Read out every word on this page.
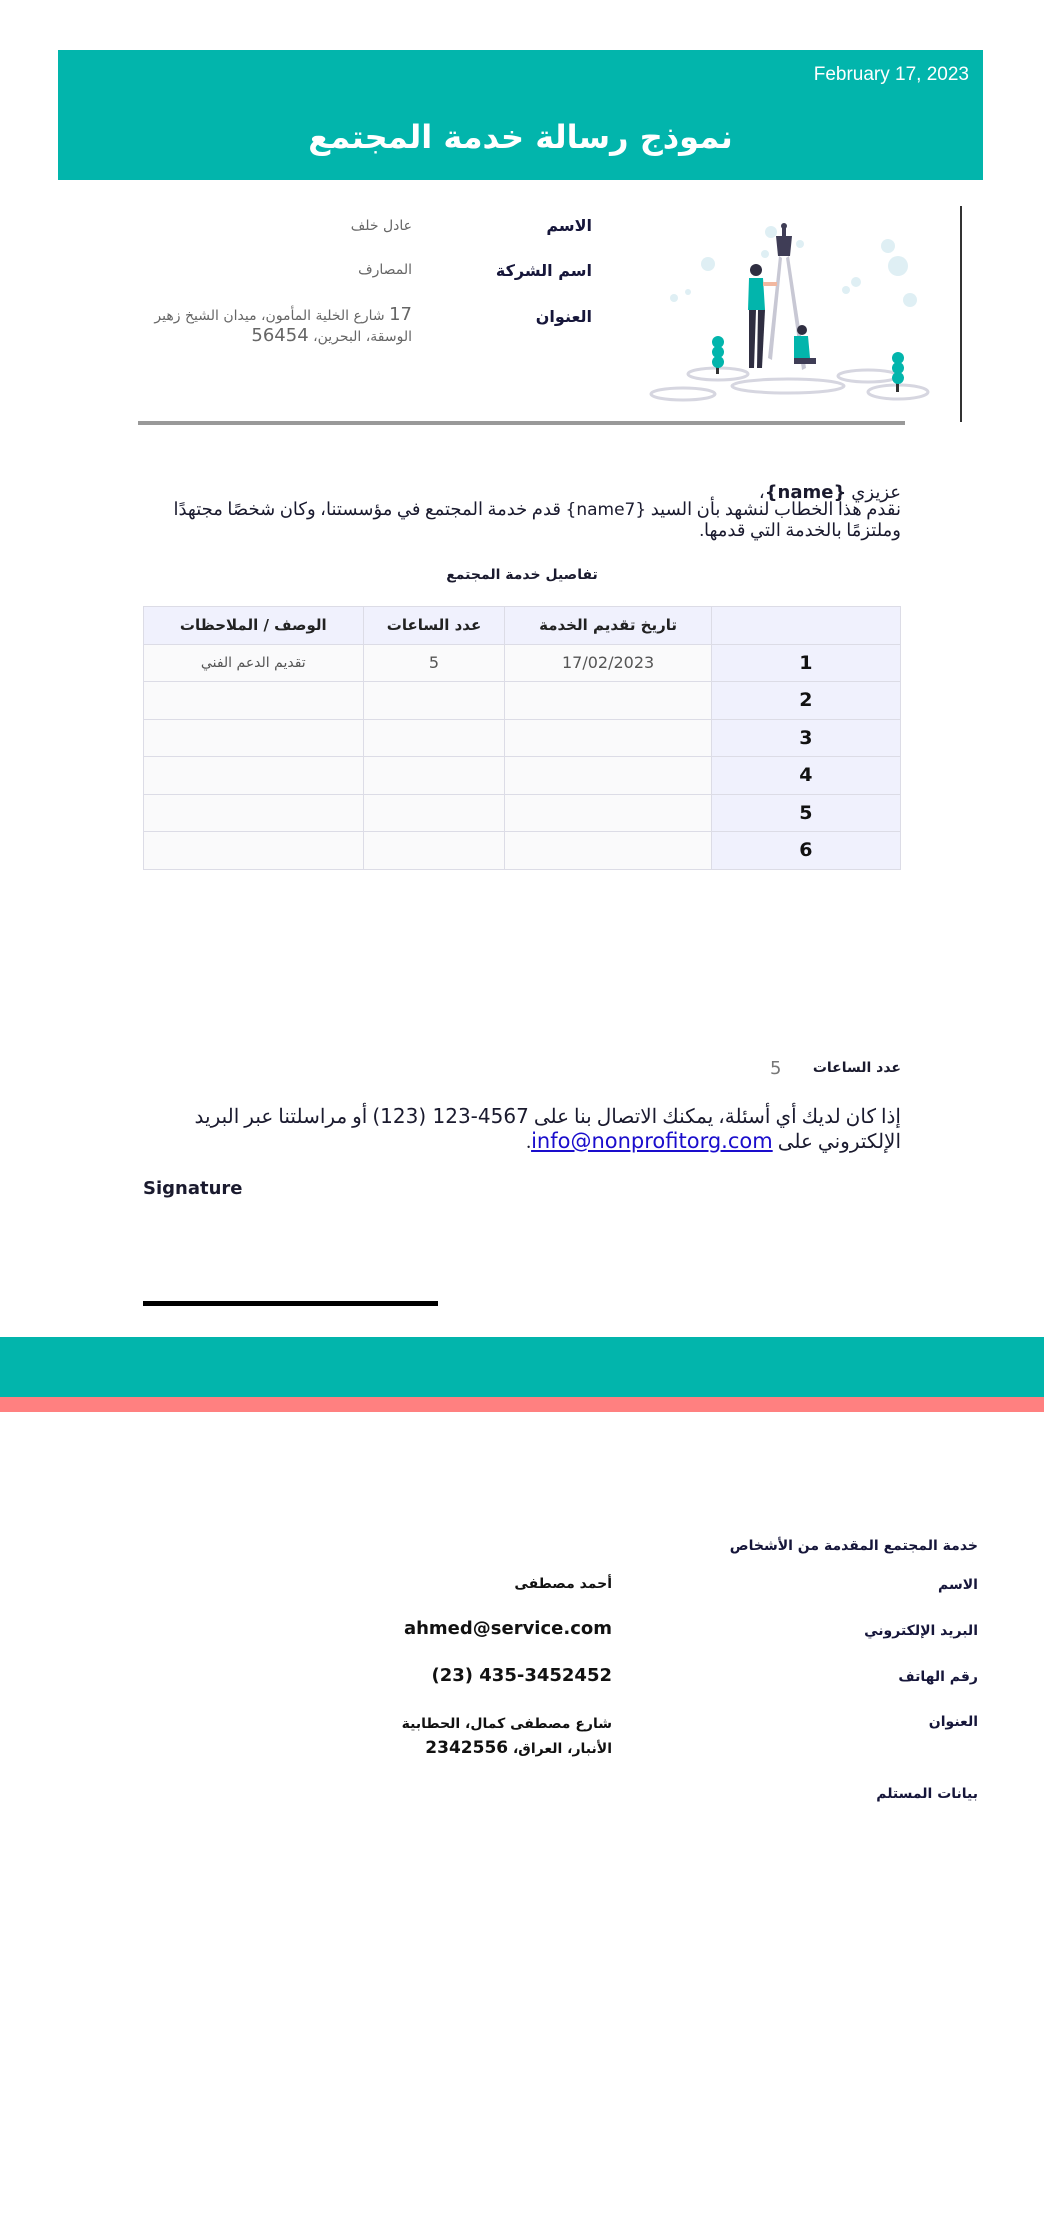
February 17, 2023
نموذج رسالة خدمة المجتمع
الاسم
عادل خلف
اسم الشركة
المصارف
العنوان
17 شارع الخلية المأمون، ميدان الشيخ زهير
الوسقة، البحرين، 56454
عزيزي {name}،
نقدم هذا الخطاب لنشهد بأن السيد {name7} قدم خدمة المجتمع في مؤسستنا، وكان شخصًا مجتهدًا وملتزمًا بالخدمة التي قدمها.
تفاصيل خدمة المجتمع
	تاريخ تقديم الخدمة	عدد الساعات	الوصف / الملاحظات
1	17/02/2023	5	تقديم الدعم الفني
2			
3			
4			
5			
6			
عدد الساعات
5
إذا كان لديك أي أسئلة، يمكنك الاتصال بنا على (123) 123-4567 أو مراسلتنا عبر البريد الإلكتروني على info@nonprofitorg.com.
Signature
خدمة المجتمع المقدمة من الأشخاص
الاسم
أحمد مصطفى
البريد الإلكتروني
ahmed@service.com
رقم الهاتف
(23) 435-3452452
العنوان
شارع مصطفى كمال، الحطابية
الأنبار، العراق، 2342556
بيانات المستلم
